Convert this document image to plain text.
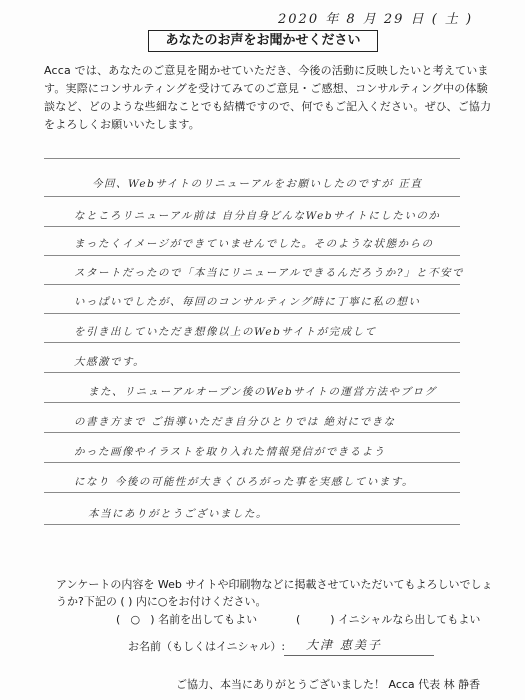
2020 年 8 月 29 日 ( 土 )
あなたのお声をお聞かせください
Acca では、あなたのご意見を聞かせていただき、今後の活動に反映したいと考えています。実際にコンサルティングを受けてみてのご意見・ご感想、コンサルティング中の体験談など、どのような些細なことでも結構ですので、何でもご記入ください。ぜひ、ご協力をよろしくお願いいたします。
今回、Webサイトのリニューアルをお願いしたのですが 正直
なところリニューアル前は 自分自身どんなWebサイトにしたいのか
まったくイメージができていませんでした。そのような状態からの
スタートだったので「本当にリニューアルできるんだろうか?」と不安で
いっぱいでしたが、毎回のコンサルティング時に丁寧に私の想い
を引き出していただき想像以上のWebサイトが完成して
大感激です。
また、リニューアルオープン後のWebサイトの運営方法やブログ
の書き方まで ご指導いただき自分ひとりでは 絶対にできな
かった画像やイラストを取り入れた情報発信ができるよう
になり 今後の可能性が大きくひろがった事を実感しています。
本当にありがとうございました。
アンケートの内容を Web サイトや印刷物などに掲載させていただいてもよろしいでしょうか?下記の ( ) 内に○をお付けください。
( ○ ) 名前を出してもよい	(	) イニシャルなら出してもよい
お名前（もしくはイニシャル）: 大津 恵美子
ご協力、本当にありがとうございました！ Acca 代表 林 静香
